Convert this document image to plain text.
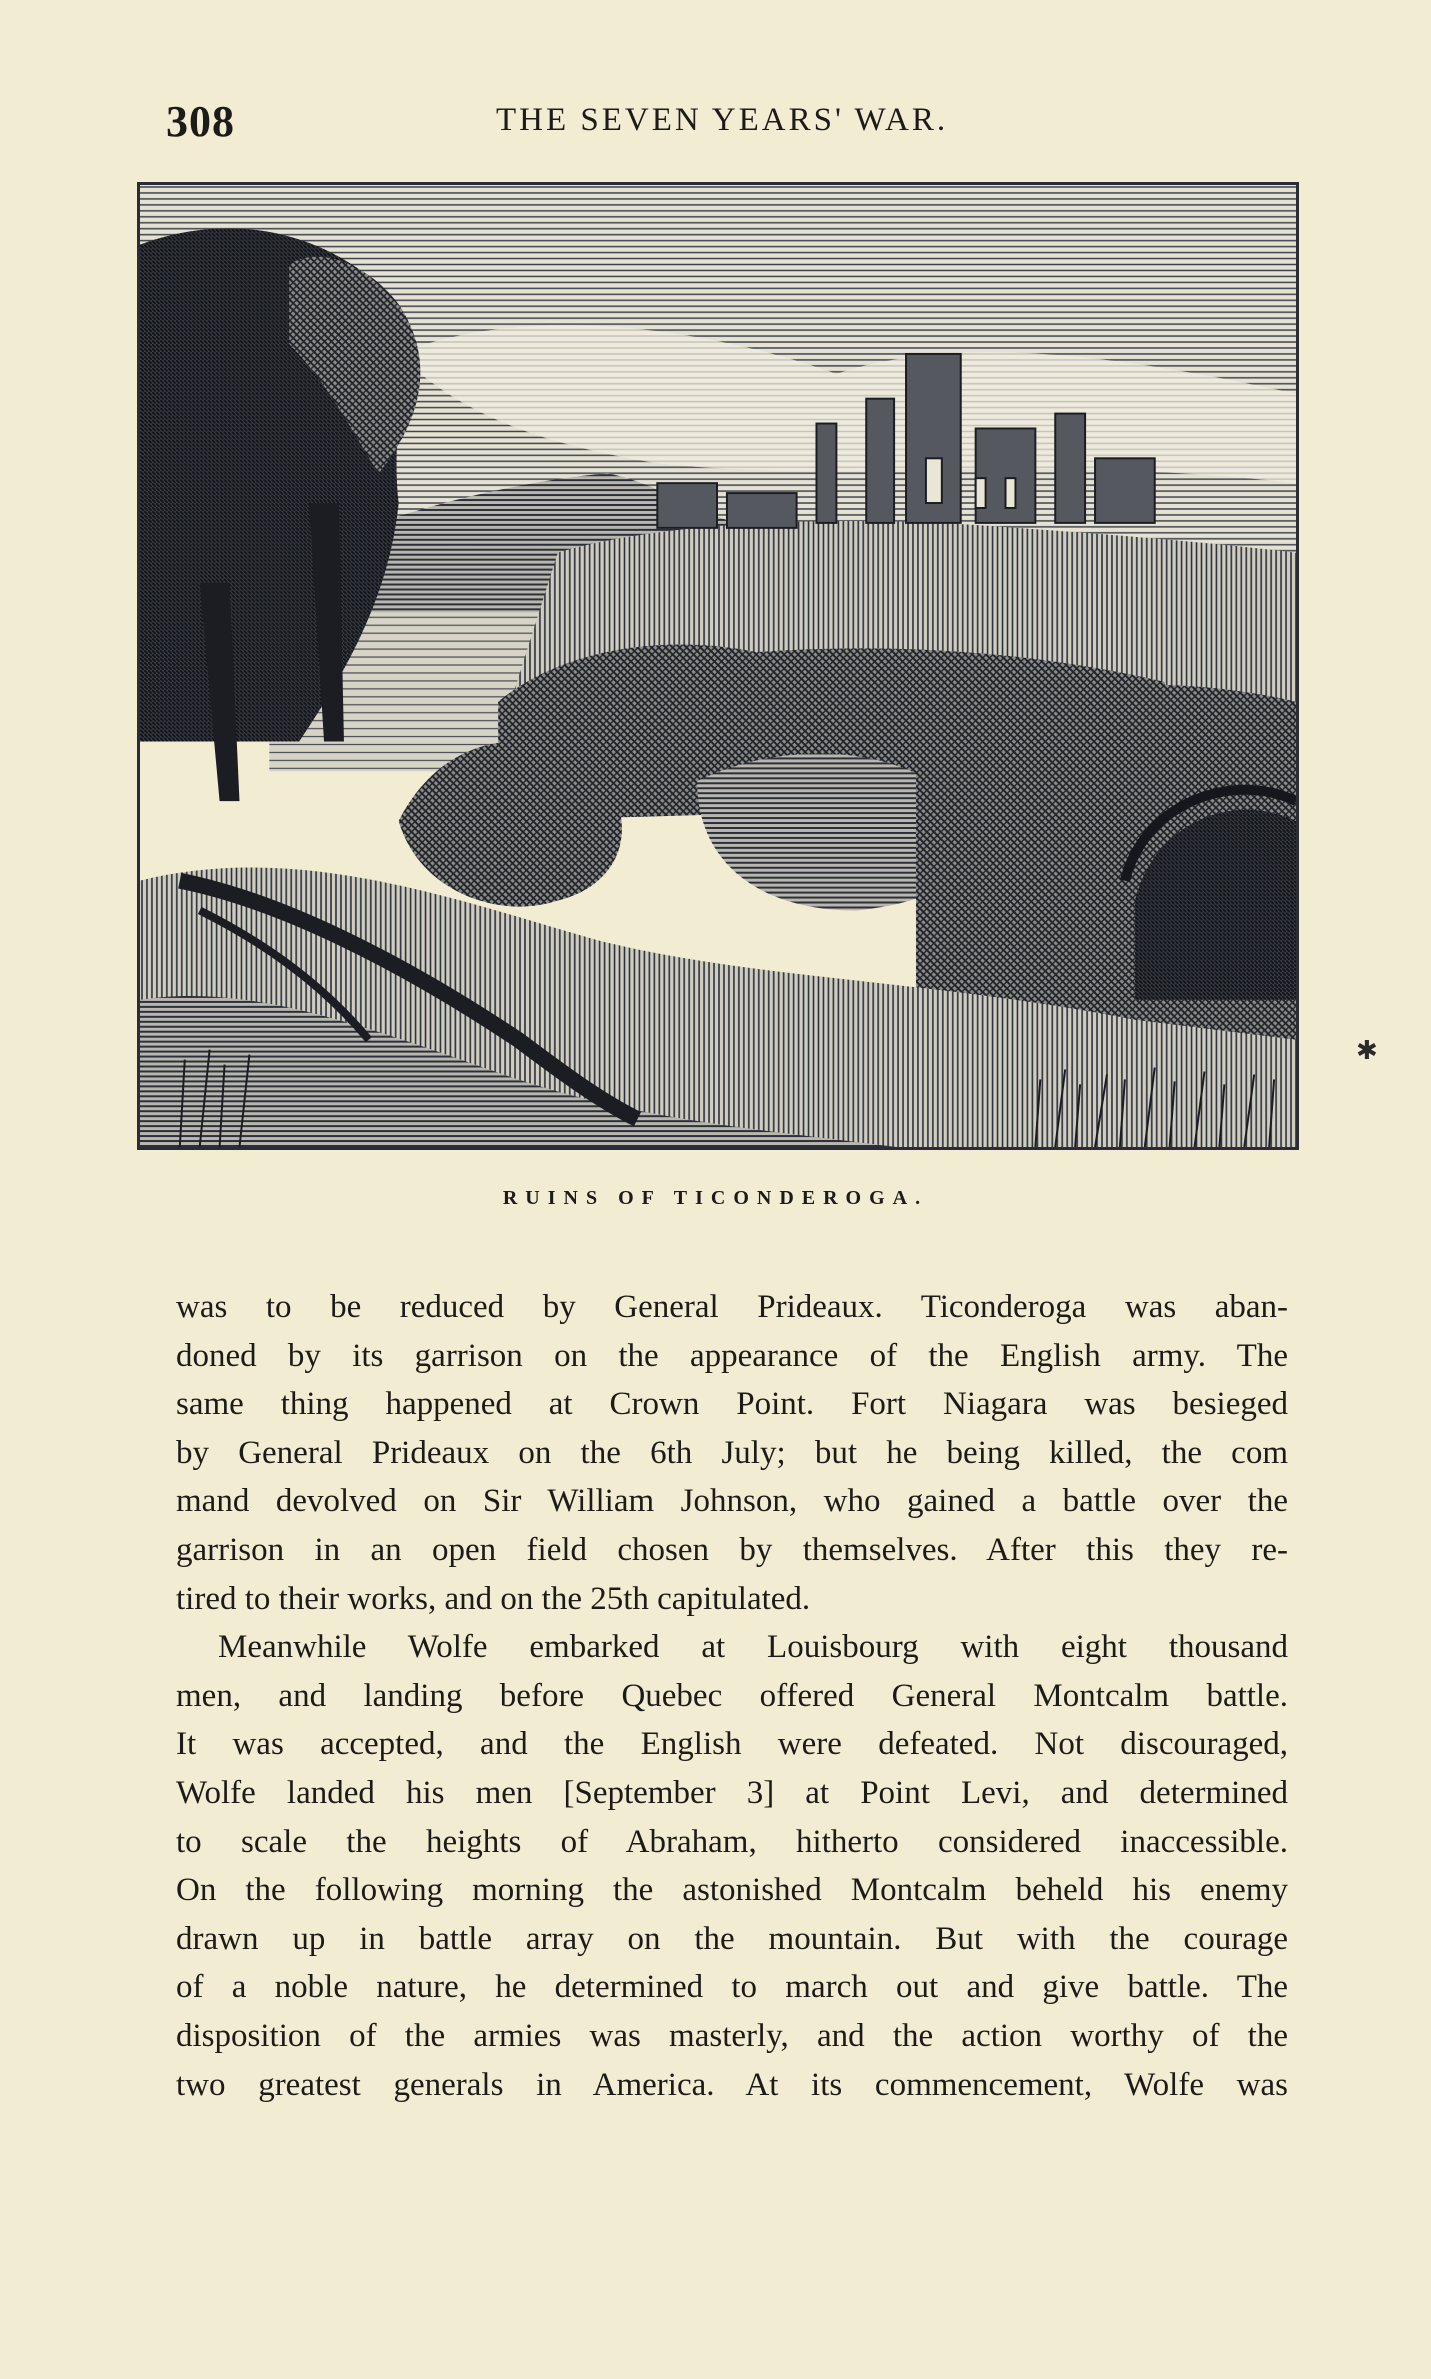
308	THE SEVEN YEARS' WAR.
✱
RUINS OF TICONDEROGA.
was to be reduced by General Prideaux. Ticonderoga was aban-
doned by its garrison on the appearance of the English army. The
same thing happened at Crown Point. Fort Niagara was besieged
by General Prideaux on the 6th July; but he being killed, the com
mand devolved on Sir William Johnson, who gained a battle over the
garrison in an open field chosen by themselves. After this they re-
tired to their works, and on the 25th capitulated.
Meanwhile Wolfe embarked at Louisbourg with eight thousand
men, and landing before Quebec offered General Montcalm battle.
It was accepted, and the English were defeated. Not discouraged,
Wolfe landed his men [September 3] at Point Levi, and determined
to scale the heights of Abraham, hitherto considered inaccessible.
On the following morning the astonished Montcalm beheld his enemy
drawn up in battle array on the mountain. But with the courage
of a noble nature, he determined to march out and give battle. The
disposition of the armies was masterly, and the action worthy of the
two greatest generals in America. At its commencement, Wolfe was
